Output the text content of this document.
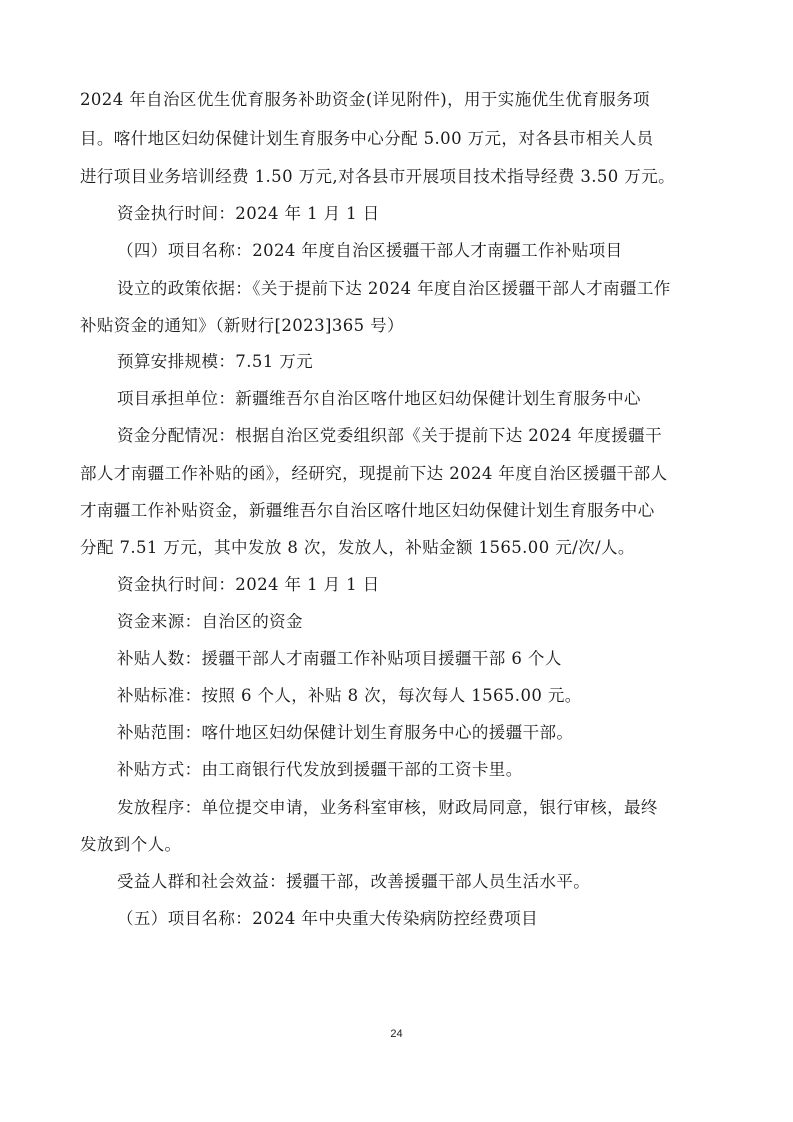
2024 年自治区优生优育服务补助资金(详见附件)，用于实施优生优育服务项
目。喀什地区妇幼保健计划生育服务中心分配 5.00 万元，对各县市相关人员
进行项目业务培训经费 1.50 万元,对各县市开展项目技术指导经费 3.50 万元。
资金执行时间：2024 年 1 月 1 日
（四）项目名称：2024 年度自治区援疆干部人才南疆工作补贴项目
设立的政策依据：《关于提前下达 2024 年度自治区援疆干部人才南疆工作
补贴资金的通知》（新财行[2023]365 号）
预算安排规模：7.51 万元
项目承担单位：新疆维吾尔自治区喀什地区妇幼保健计划生育服务中心
资金分配情况：根据自治区党委组织部《关于提前下达 2024 年度援疆干
部人才南疆工作补贴的函》，经研究，现提前下达 2024 年度自治区援疆干部人
才南疆工作补贴资金，新疆维吾尔自治区喀什地区妇幼保健计划生育服务中心
分配 7.51 万元，其中发放 8 次，发放人，补贴金额 1565.00 元/次/人。
资金执行时间：2024 年 1 月 1 日
资金来源：自治区的资金
补贴人数：援疆干部人才南疆工作补贴项目援疆干部 6 个人
补贴标准：按照 6 个人，补贴 8 次，每次每人 1565.00 元。
补贴范围：喀什地区妇幼保健计划生育服务中心的援疆干部。
补贴方式：由工商银行代发放到援疆干部的工资卡里。
发放程序：单位提交申请，业务科室审核，财政局同意，银行审核，最终
发放到个人。
受益人群和社会效益：援疆干部，改善援疆干部人员生活水平。
（五）项目名称：2024 年中央重大传染病防控经费项目
24
